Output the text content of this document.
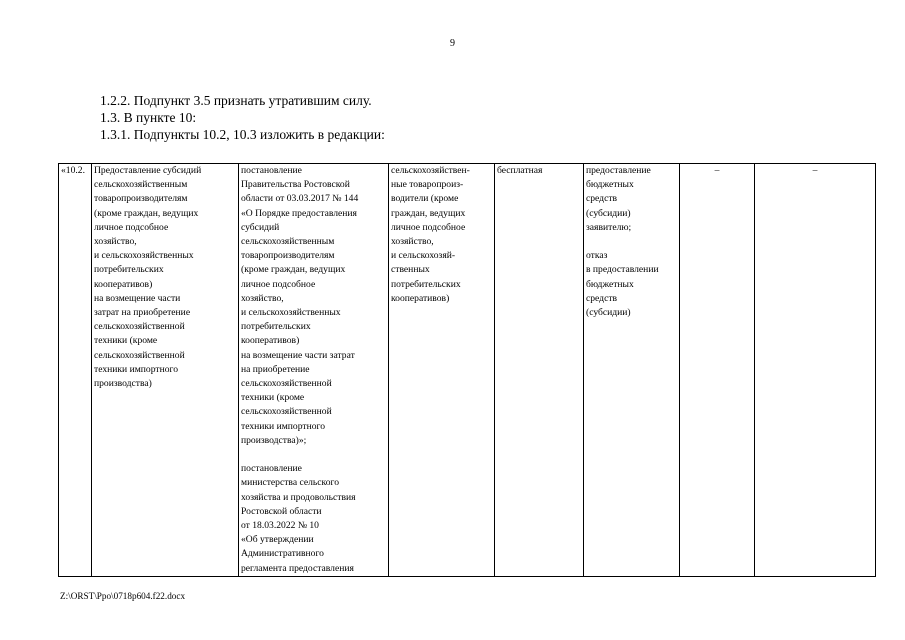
9
1.2.2. Подпункт 3.5 признать утратившим силу.
1.3. В пункте 10:
1.3.1. Подпункты 10.2, 10.3 изложить в редакции:
«10.2.	Предоставление субсидий
сельскохозяйственным
товаропроизводителям
(кроме граждан, ведущих
личное подсобное
хозяйство,
и сельскохозяйственных
потребительских
кооперативов)
на возмещение части
затрат на приобретение
сельскохозяйственной
техники (кроме
сельскохозяйственной
техники импортного
производства)	постановление
Правительства Ростовской
области от 03.03.2017 № 144
«О Порядке предоставления
субсидий
сельскохозяйственным
товаропроизводителям
(кроме граждан, ведущих
личное подсобное
хозяйство,
и сельскохозяйственных
потребительских
кооперативов)
на возмещение части затрат
на приобретение
сельскохозяйственной
техники (кроме
сельскохозяйственной
техники импортного
производства)»;

постановление
министерства сельского
хозяйства и продовольствия
Ростовской области
от 18.03.2022 № 10
«Об утверждении
Административного
регламента предоставления	сельскохозяйствен-
ные товаропроиз-
водители (кроме
граждан, ведущих
личное подсобное
хозяйство,
и сельскохозяй-
ственных
потребительских
кооперативов)	бесплатная	предоставление
бюджетных
средств
(субсидии)
заявителю;

отказ
в предоставлении
бюджетных
средств
(субсидии)	–	–
Z:\ORST\Ppo\0718p604.f22.docx
